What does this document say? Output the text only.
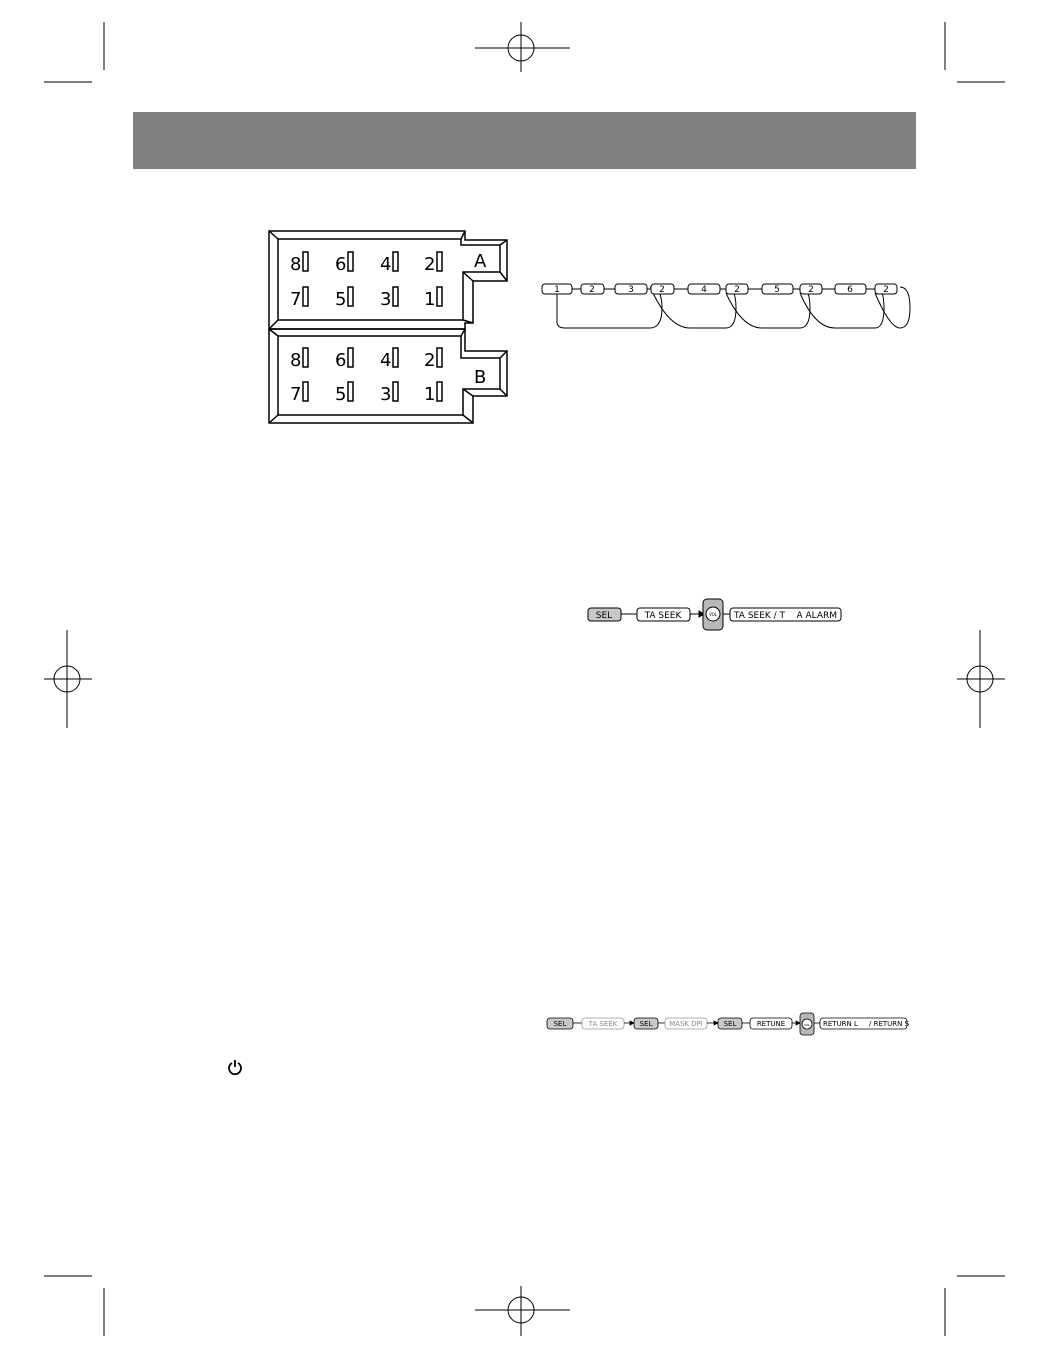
8 6 4 2
7 5 3 1
A
8 6 4 2
7 5 3 1
B
1	2	3	2	4	2	5	2	6	2
SEL	TA SEEK	VOL TA SEEK / T    A ALARM
SEL	TA SEEK	SEL MASK DPI	SEL	RETUNE	VOL RETURN L     / RETURN S
